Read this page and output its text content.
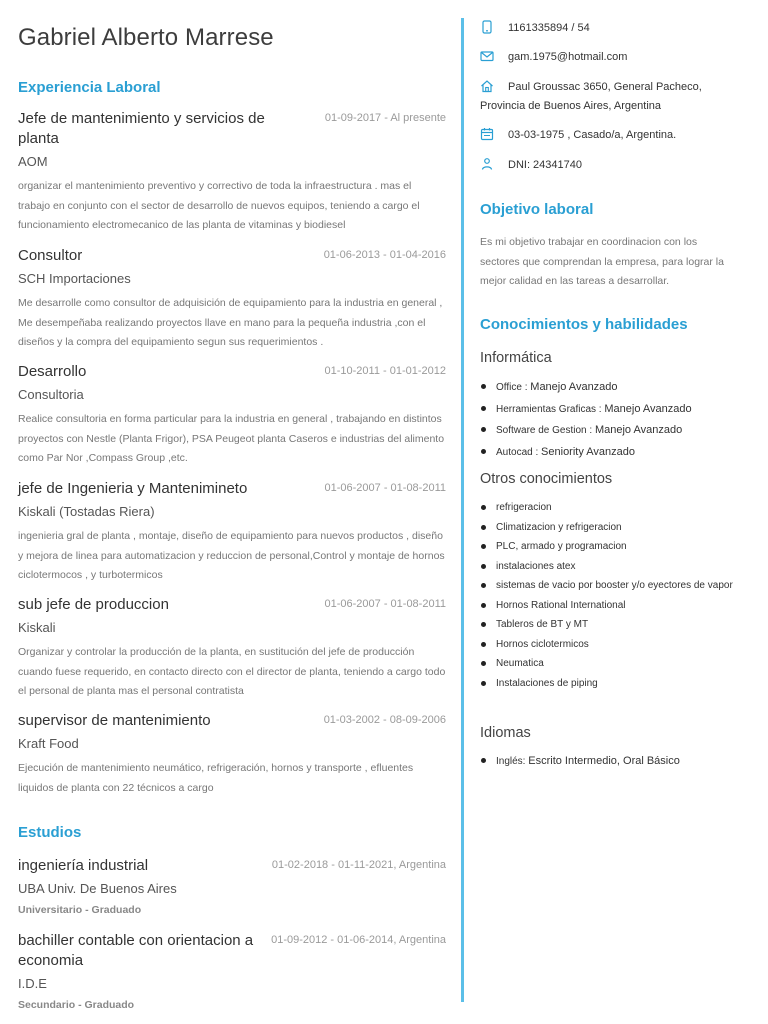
Gabriel Alberto Marrese
Experiencia Laboral
Jefe de mantenimiento y servicios de planta
01-09-2017 - Al presente
AOM
organizar el mantenimiento preventivo y correctivo de toda la infraestructura . mas el trabajo en conjunto con el sector de desarrollo de nuevos equipos, teniendo a cargo el funcionamiento electromecanico de las planta de vitaminas y biodiesel
Consultor	01-06-2013 - 01-04-2016
SCH Importaciones
Me desarrolle como consultor de adquisición de equipamiento para la industria en general , Me desempeñaba realizando proyectos llave en mano para la pequeña industria ,con el diseños y la compra del equipamiento segun sus requerimientos .
Desarrollo	01-10-2011 - 01-01-2012
Consultoria
Realice consultoria en forma particular para la industria en general , trabajando en distintos proyectos con Nestle (Planta Frigor), PSA Peugeot planta Caseros e industrias del alimento como Par Nor ,Compass Group ,etc.
jefe de Ingenieria y Mantenimineto	01-06-2007 - 01-08-2011
Kiskali (Tostadas Riera)
ingenieria gral de planta , montaje, diseño de equipamiento para nuevos productos , diseño y mejora de linea para automatizacion y reduccion de personal,Control y montaje de hornos ciclotermocos , y turbotermicos
sub jefe de produccion	01-06-2007 - 01-08-2011
Kiskali
Organizar y controlar la producción de la planta, en sustitución del jefe de producción cuando fuese requerido, en contacto directo con el director de planta, teniendo a cargo todo el personal de planta mas el personal contratista
supervisor de mantenimiento	01-03-2002 - 08-09-2006
Kraft Food
Ejecución de mantenimiento neumático, refrigeración, hornos y transporte , efluentes liquidos de planta con 22 técnicos a cargo
Estudios
ingeniería industrial	01-02-2018 - 01-11-2021, Argentina
UBA Univ. De Buenos Aires
Universitario - Graduado
bachiller contable con orientacion a economia
01-09-2012 - 01-06-2014, Argentina
I.D.E
Secundario - Graduado
1161335894 / 54
gam.1975@hotmail.com
Paul Groussac 3650, General Pacheco, Provincia de Buenos Aires, Argentina
03-03-1975 , Casado/a, Argentina.
DNI: 24341740
Objetivo laboral
Es mi objetivo trabajar en coordinacion con los sectores que comprendan la empresa, para lograr la mejor calidad en las tareas a desarrollar.
Conocimientos y habilidades
Informática
Office : Manejo Avanzado
Herramientas Graficas : Manejo Avanzado
Software de Gestion : Manejo Avanzado
Autocad : Seniority Avanzado
Otros conocimientos
refrigeracion
Climatizacion y refrigeracion
PLC, armado y programacion
instalaciones atex
sistemas de vacio por booster y/o eyectores de vapor
Hornos Rational International
Tableros de BT y MT
Hornos ciclotermicos
Neumatica
Instalaciones de piping
Idiomas
Inglés: Escrito Intermedio, Oral Básico
